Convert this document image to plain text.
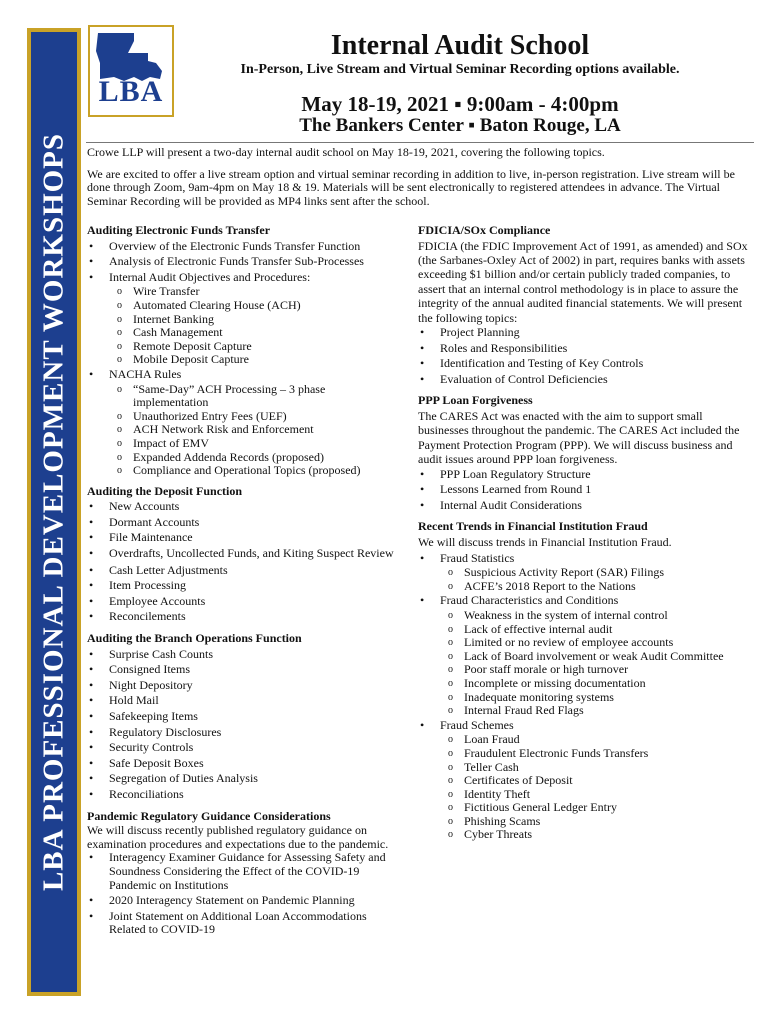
LBA PROFESSIONAL DEVELOPMENT WORKSHOPS
LBA
Internal Audit School
In-Person, Live Stream and Virtual Seminar Recording options available.
May 18-19, 2021 ▪ 9:00am - 4:00pm
The Bankers Center ▪ Baton Rouge, LA

Crowe LLP will present a two-day internal audit school on May 18-19, 2021, covering the following topics.

We are excited to offer a live stream option and virtual seminar recording in addition to live, in-person registration. Live stream will be done through Zoom, 9am-4pm on May 18 & 19. Materials will be sent electronically to registered attendees in advance. The Virtual Seminar Recording will be provided as MP4 links sent after the school.

Auditing Electronic Funds Transfer
• Overview of the Electronic Funds Transfer Function
• Analysis of Electronic Funds Transfer Sub-Processes
• Internal Audit Objectives and Procedures:
o Wire Transfer
o Automated Clearing House (ACH)
o Internet Banking
o Cash Management
o Remote Deposit Capture
o Mobile Deposit Capture
• NACHA Rules
o “Same-Day” ACH Processing – 3 phase implementation
o Unauthorized Entry Fees (UEF)
o ACH Network Risk and Enforcement
o Impact of EMV
o Expanded Addenda Records (proposed)
o Compliance and Operational Topics (proposed)
Auditing the Deposit Function
• New Accounts
• Dormant Accounts
• File Maintenance
• Overdrafts, Uncollected Funds, and Kiting Suspect Review
• Cash Letter Adjustments
• Item Processing
• Employee Accounts
• Reconcilements
Auditing the Branch Operations Function
• Surprise Cash Counts
• Consigned Items
• Night Depository
• Hold Mail
• Safekeeping Items
• Regulatory Disclosures
• Security Controls
• Safe Deposit Boxes
• Segregation of Duties Analysis
• Reconciliations
Pandemic Regulatory Guidance Considerations

We will discuss recently published regulatory guidance on examination procedures and expectations due to the pandemic.

• Interagency Examiner Guidance for Assessing Safety and Soundness Considering the Effect of the COVID-19 Pandemic on Institutions
• 2020 Interagency Statement on Pandemic Planning
• Joint Statement on Additional Loan Accommodations Related to COVID-19
FDICIA/SOx Compliance

FDICIA (the FDIC Improvement Act of 1991, as amended) and SOx (the Sarbanes-Oxley Act of 2002) in part, requires banks with assets exceeding $1 billion and/or certain publicly traded companies, to assert that an internal control methodology is in place to assure the integrity of the annual audited financial statements. We will present the following topics:

• Project Planning
• Roles and Responsibilities
• Identification and Testing of Key Controls
• Evaluation of Control Deficiencies
PPP Loan Forgiveness

The CARES Act was enacted with the aim to support small businesses throughout the pandemic. The CARES Act included the Payment Protection Program (PPP). We will discuss business and audit issues around PPP loan forgiveness.

• PPP Loan Regulatory Structure
• Lessons Learned from Round 1
• Internal Audit Considerations
Recent Trends in Financial Institution Fraud

We will discuss trends in Financial Institution Fraud.

• Fraud Statistics
o Suspicious Activity Report (SAR) Filings
o ACFE’s 2018 Report to the Nations
• Fraud Characteristics and Conditions
o Weakness in the system of internal control
o Lack of effective internal audit
o Limited or no review of employee accounts
o Lack of Board involvement or weak Audit Committee
o Poor staff morale or high turnover
o Incomplete or missing documentation
o Inadequate monitoring systems
o Internal Fraud Red Flags
• Fraud Schemes
o Loan Fraud
o Fraudulent Electronic Funds Transfers
o Teller Cash
o Certificates of Deposit
o Identity Theft
o Fictitious General Ledger Entry
o Phishing Scams
o Cyber Threats
